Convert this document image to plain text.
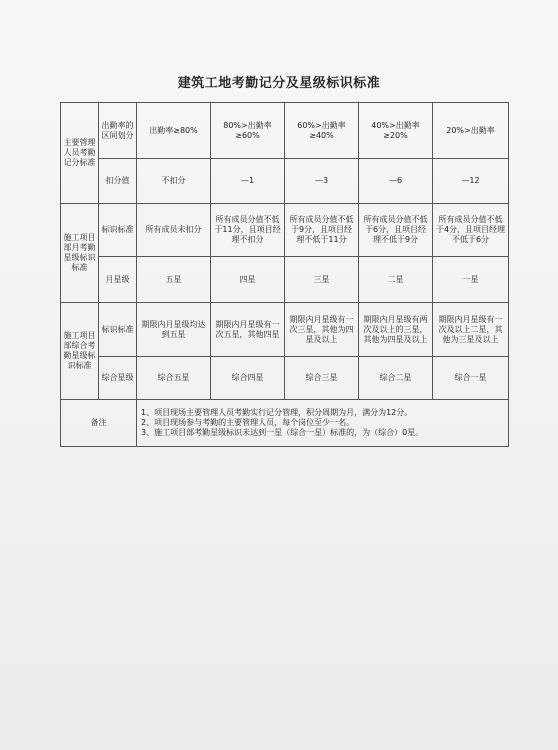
建筑工地考勤记分及星级标识标准
主要管理人员考勤记分标准	出勤率的区间划分	出勤率≥80%	80%>出勤率≥60%	60%>出勤率≥40%	40%>出勤率≥20%	20%>出勤率
	扣分值	不扣分	—1	—3	—6	—12
施工项目部月考勤星级标识标准	标识标准	所有成员未扣分	所有成员分值不低于11分，且项目经理不扣分	所有成员分值不低于9分，且项目经理不低于11分	所有成员分值不低于6分，且项目经理不低于9分	所有成员分值不低于4分，且项目经理不低于6分
	月星级	五星	四星	三星	二星	一星
施工项目部综合考勤星级标识标准	标识标准	期限内月星级均达到五星	期限内月星级有一次五星，其他四星	期限内月星级有一次三星，其他为四星及以上	期限内月星级有两次及以上的三星，其他为四星及以上	期限内月星级有一次及以上二星，其他为三星及以上
	综合星级	综合五星	综合四星	综合三星	综合二星	综合一星
备注		1、项目现场主要管理人员考勤实行记分管理，积分周期为月，满分为12分。
2、项目现场参与考勤的主要管理人员，每个岗位至少一名。
3、施工项目部考勤星级标识未达到一星（综合一星）标准的，为（综合）0星。				
